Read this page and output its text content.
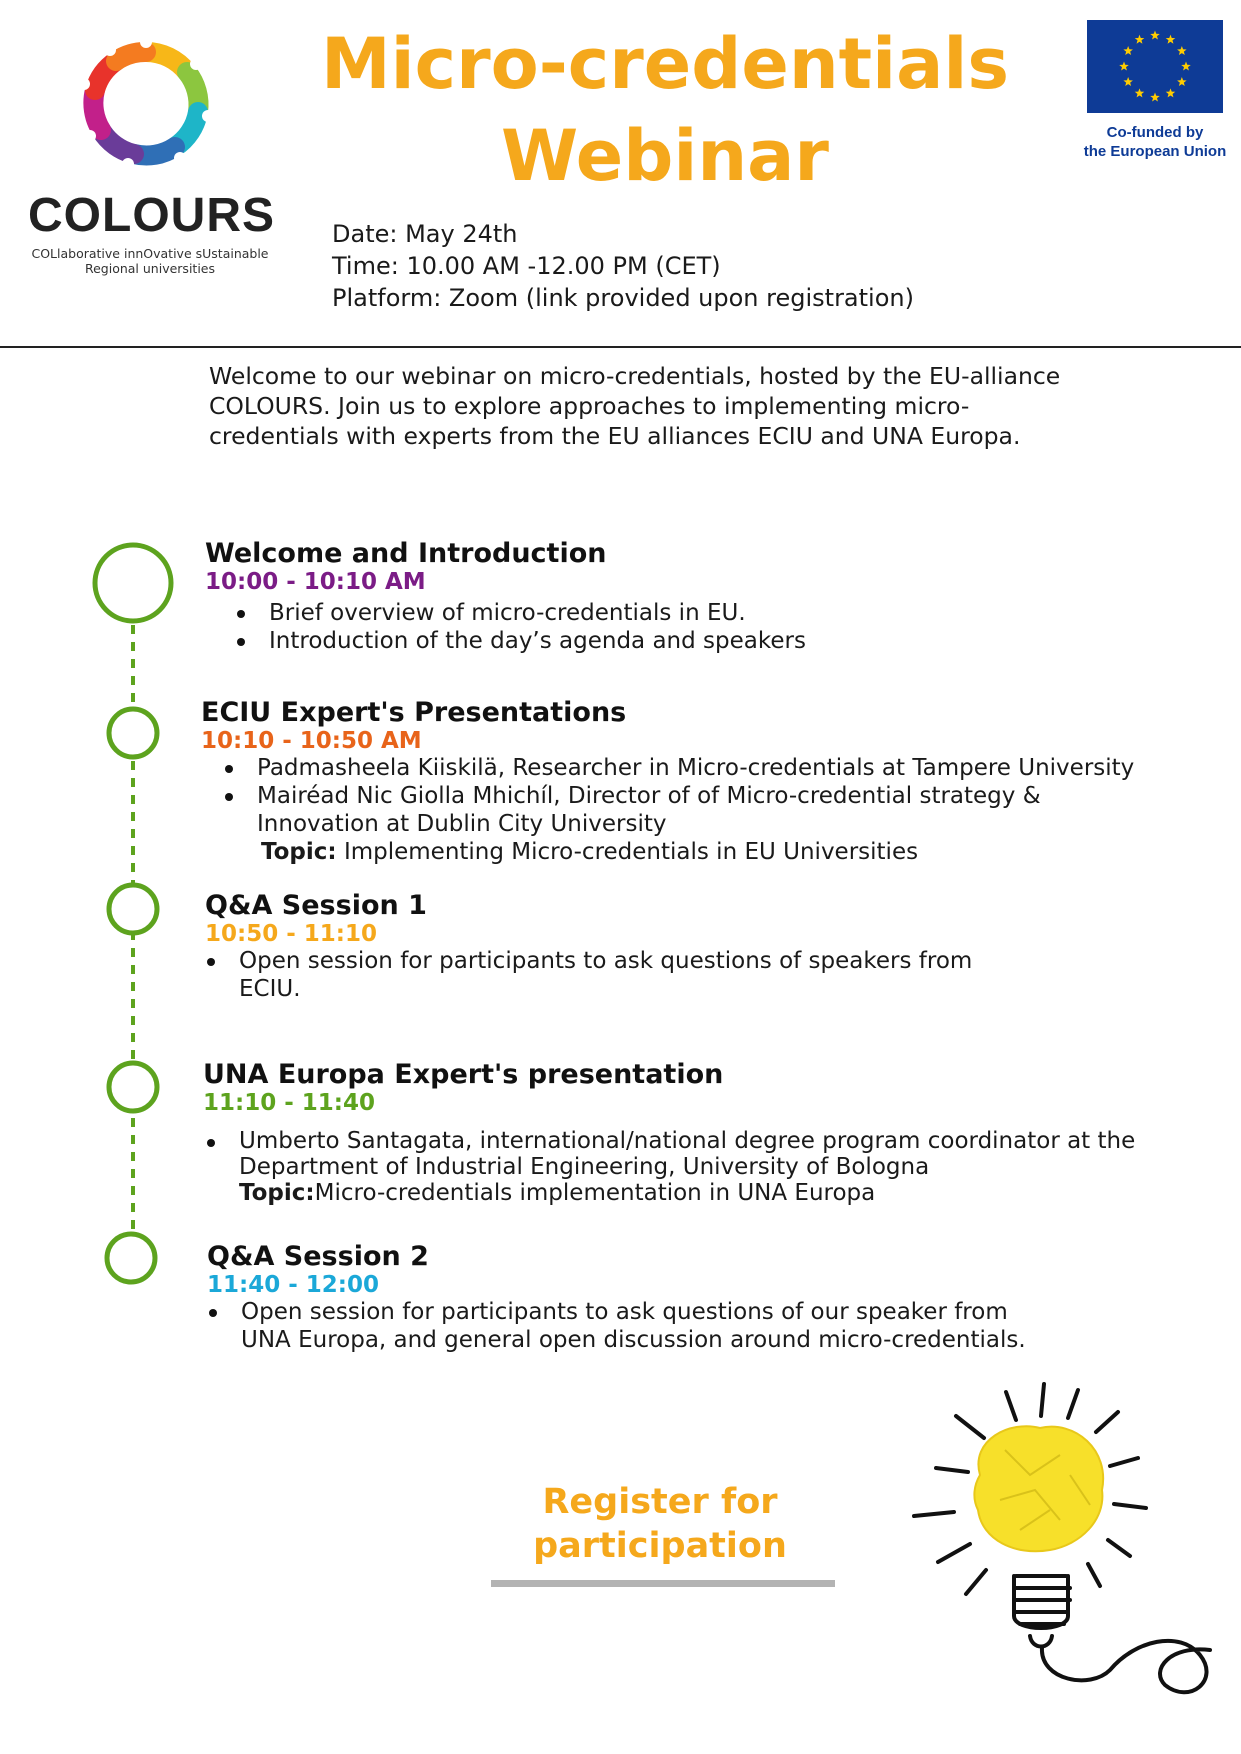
COLOURS
COLlaborative innOvative sUstainable
Regional universities
Micro-credentials
Webinar	Co-funded by
the European Union
Date: May 24th
Time: 10.00 AM -12.00 PM (CET)
Platform: Zoom (link provided upon registration)
Welcome to our webinar on micro-credentials, hosted by the EU-alliance COLOURS. Join us to explore approaches to implementing micro-credentials with experts from the EU alliances ECIU and UNA Europa.
Welcome and Introduction
10:00 - 10:10 AM
Brief overview of micro-credentials in EU.
Introduction of the day’s agenda and speakers
ECIU Expert's Presentations
10:10 - 10:50 AM
Padmasheela Kiiskilä, Researcher in Micro-credentials at Tampere University
Mairéad Nic Giolla Mhichíl, Director of of Micro-credential strategy & Innovation at Dublin City University
Topic: Implementing Micro-credentials in EU Universities
Q&A Session 1
10:50 - 11:10
Open session for participants to ask questions of speakers from ECIU.
UNA Europa Expert's presentation
11:10 - 11:40
Umberto Santagata, international/national degree program coordinator at the Department of Industrial Engineering, University of Bologna
Topic:Micro-credentials implementation in UNA Europa
Q&A Session 2
11:40 - 12:00
Open session for participants to ask questions of our speaker from UNA Europa, and general open discussion around micro-credentials.
Register for
participation
